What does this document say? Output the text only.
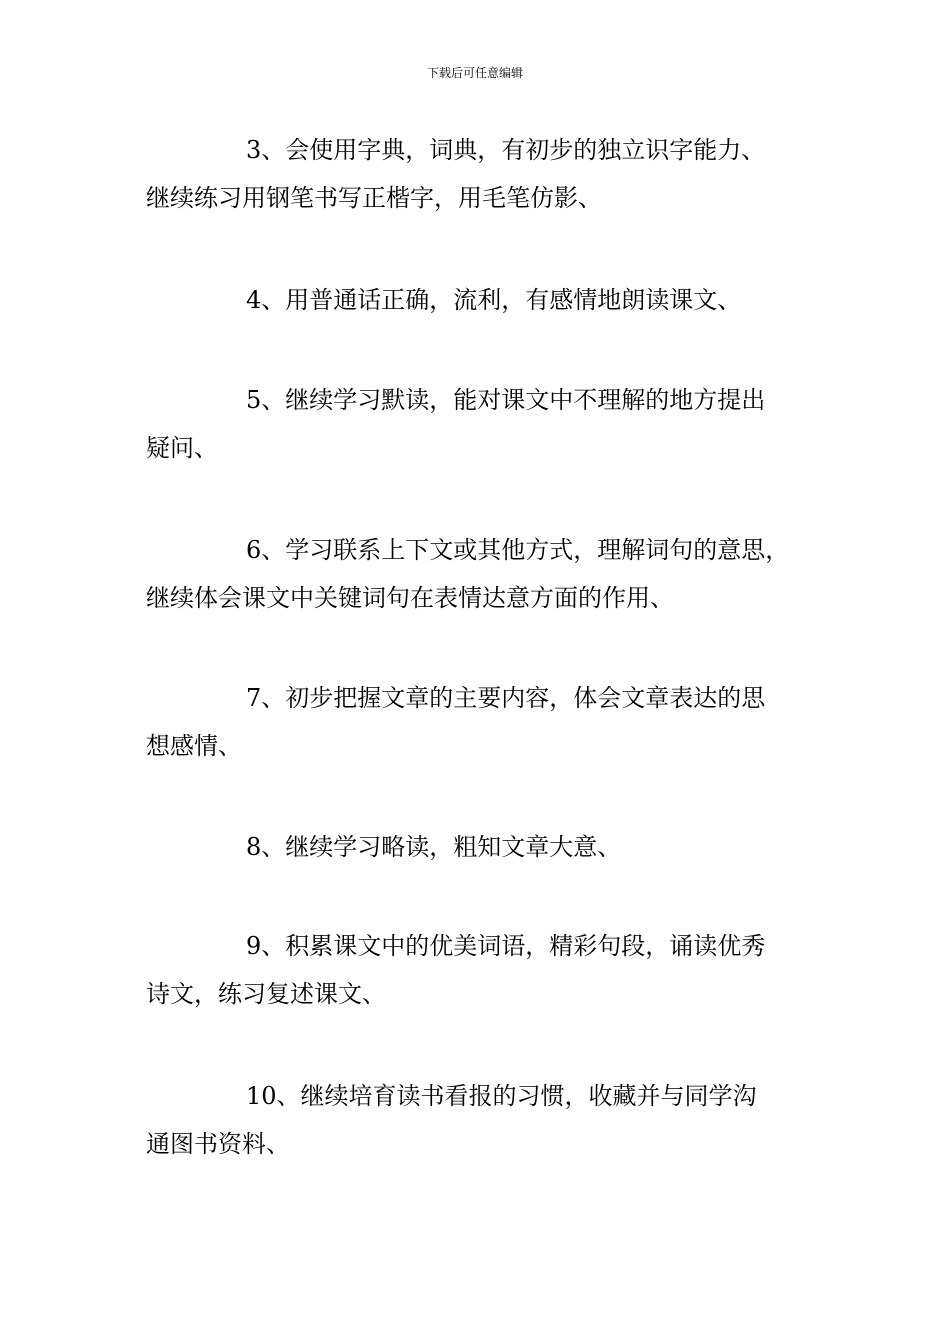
下载后可任意编辑
3、会使用字典，词典，有初步的独立识字能力、
继续练习用钢笔书写正楷字，用毛笔仿影、
4、用普通话正确，流利，有感情地朗读课文、
5、继续学习默读，能对课文中不理解的地方提出
疑问、
6、学习联系上下文或其他方式，理解词句的意思，
继续体会课文中关键词句在表情达意方面的作用、
7、初步把握文章的主要内容，体会文章表达的思
想感情、
8、继续学习略读，粗知文章大意、
9、积累课文中的优美词语，精彩句段，诵读优秀
诗文，练习复述课文、
10、继续培育读书看报的习惯，收藏并与同学沟
通图书资料、
